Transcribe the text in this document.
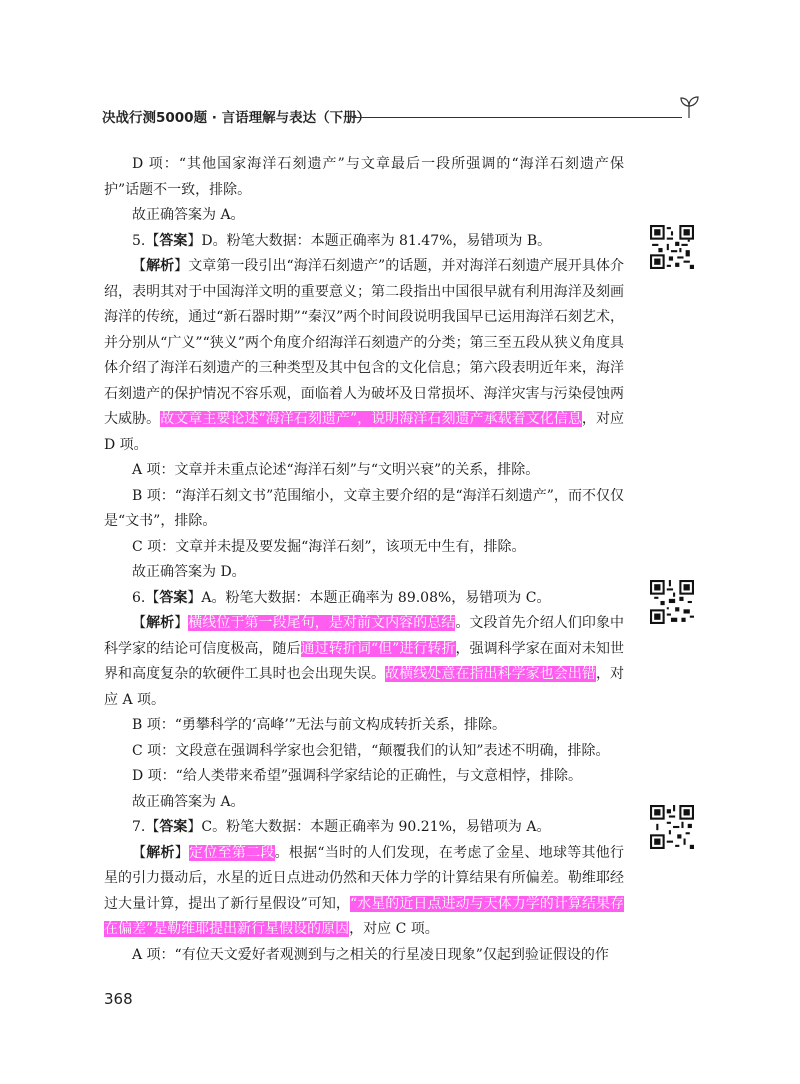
决战行测5000题 · 言语理解与表达（下册）

D 项：“其他国家海洋石刻遗产”与文章最后一段所强调的“海洋石刻遗产保护”话题不一致，排除。

故正确答案为 A。

5.【答案】D。粉笔大数据：本题正确率为 81.47%，易错项为 B。

【解析】文章第一段引出“海洋石刻遗产”的话题，并对海洋石刻遗产展开具体介绍，表明其对于中国海洋文明的重要意义；第二段指出中国很早就有利用海洋及刻画海洋的传统，通过“新石器时期”“秦汉”两个时间段说明我国早已运用海洋石刻艺术，并分别从“广义”“狭义”两个角度介绍海洋石刻遗产的分类；第三至五段从狭义角度具体介绍了海洋石刻遗产的三种类型及其中包含的文化信息；第六段表明近年来，海洋石刻遗产的保护情况不容乐观，面临着人为破坏及日常损坏、海洋灾害与污染侵蚀两大威胁。故文章主要论述“海洋石刻遗产”，说明海洋石刻遗产承载着文化信息，对应 D 项。

A 项：文章并未重点论述“海洋石刻”与“文明兴衰”的关系，排除。

B 项：“海洋石刻文书”范围缩小，文章主要介绍的是“海洋石刻遗产”，而不仅仅是“文书”，排除。

C 项：文章并未提及要发掘“海洋石刻”，该项无中生有，排除。

故正确答案为 D。

6.【答案】A。粉笔大数据：本题正确率为 89.08%，易错项为 C。

【解析】横线位于第一段尾句，是对前文内容的总结。文段首先介绍人们印象中科学家的结论可信度极高，随后通过转折词“但”进行转折，强调科学家在面对未知世界和高度复杂的软硬件工具时也会出现失误。故横线处意在指出科学家也会出错，对应 A 项。

B 项：“勇攀科学的‘高峰’”无法与前文构成转折关系，排除。

C 项：文段意在强调科学家也会犯错，“颠覆我们的认知”表述不明确，排除。

D 项：“给人类带来希望”强调科学家结论的正确性，与文意相悖，排除。

故正确答案为 A。

7.【答案】C。粉笔大数据：本题正确率为 90.21%，易错项为 A。

【解析】定位至第二段。根据“当时的人们发现，在考虑了金星、地球等其他行星的引力摄动后，水星的近日点进动仍然和天体力学的计算结果有所偏差。勒维耶经过大量计算，提出了新行星假设”可知，“水星的近日点进动与天体力学的计算结果存在偏差”是勒维耶提出新行星假设的原因，对应 C 项。

A 项：“有位天文爱好者观测到与之相关的行星凌日现象”仅起到验证假设的作

368
